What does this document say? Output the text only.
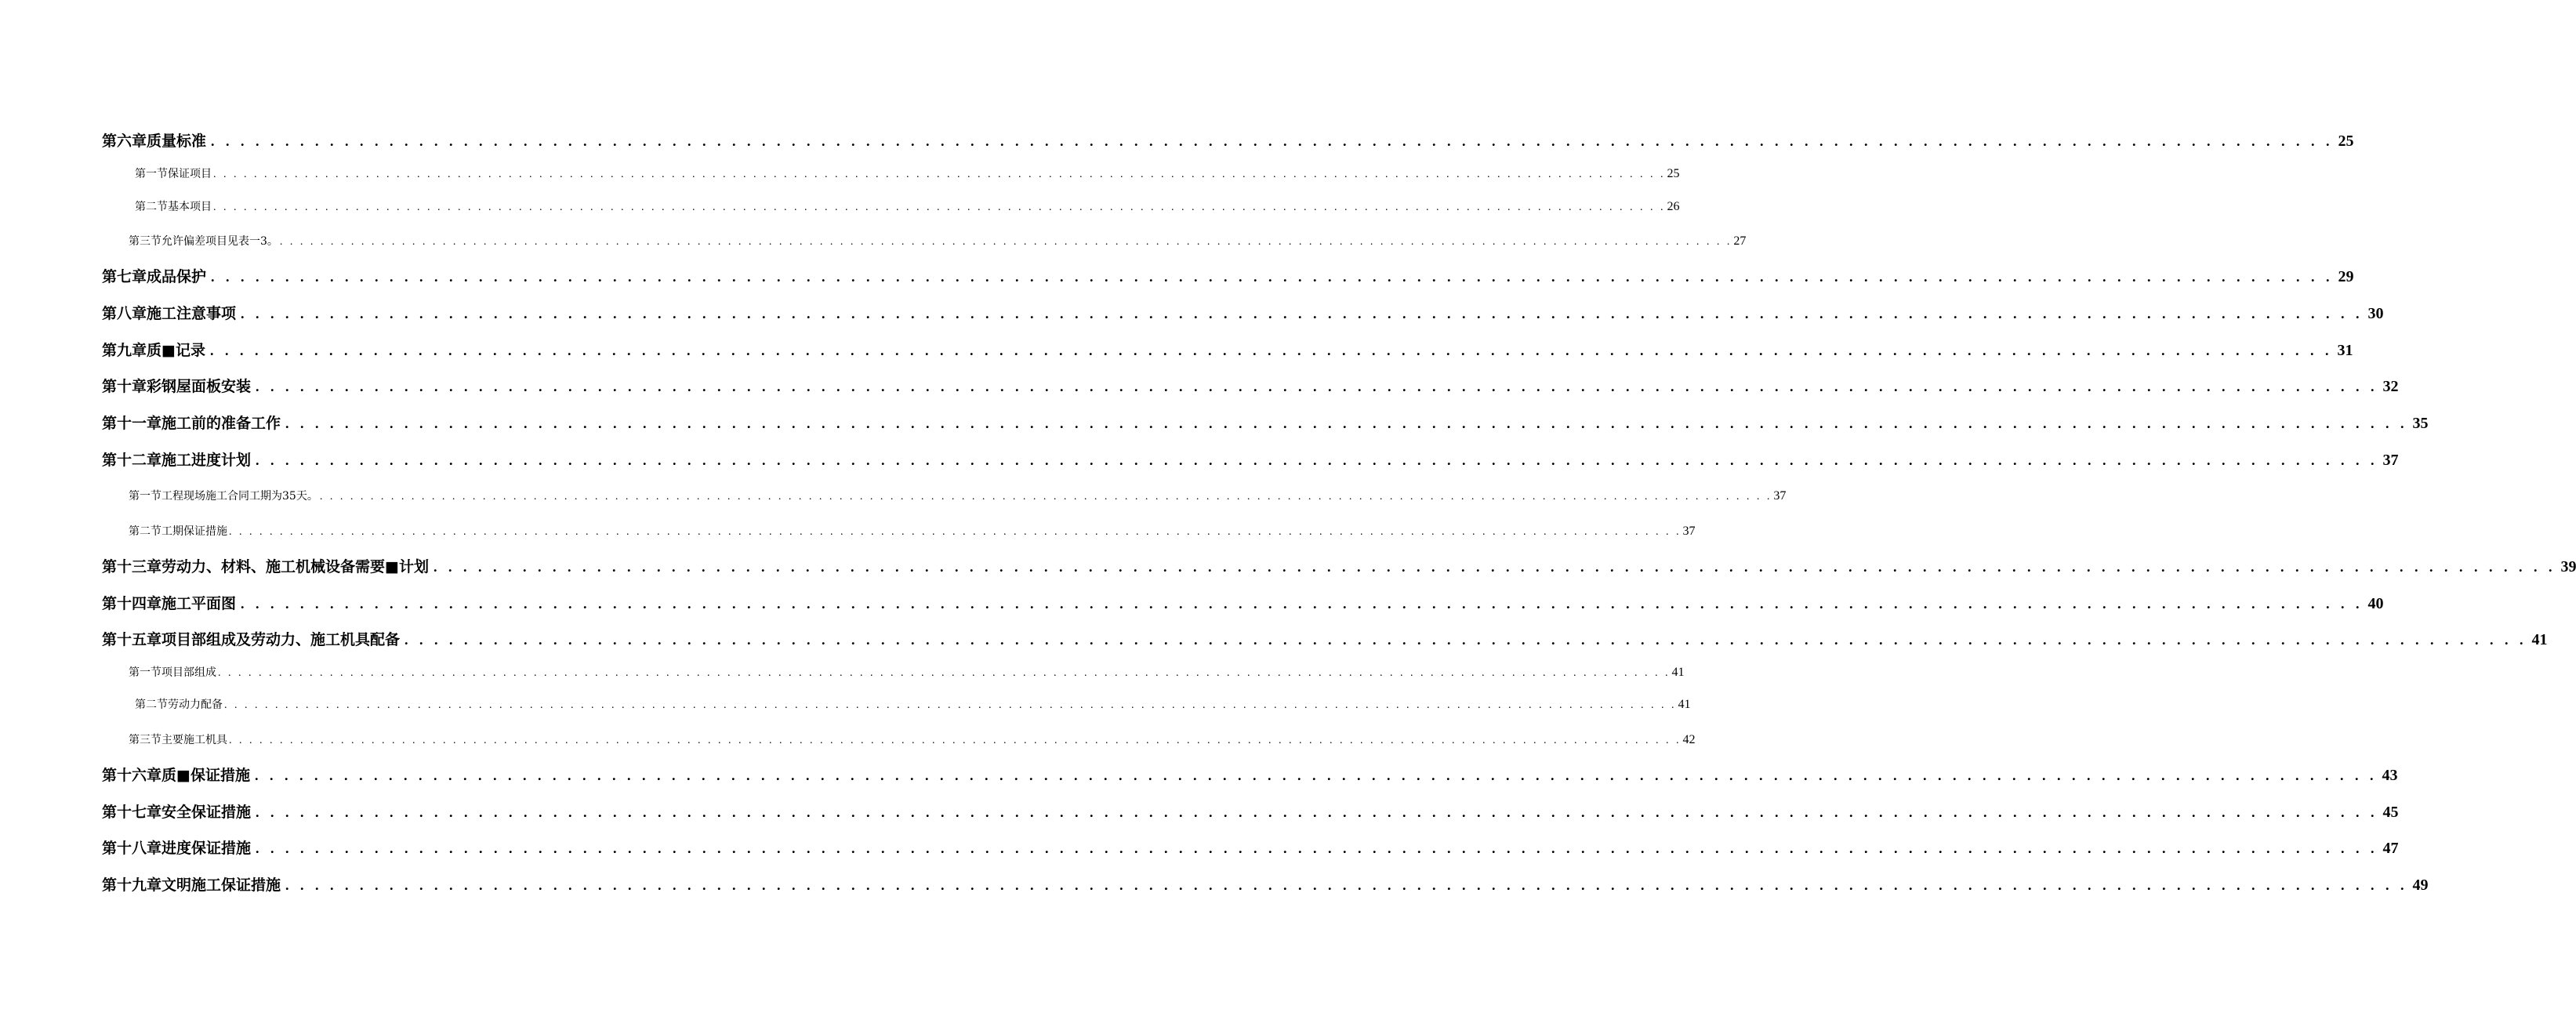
第六章质量标准 . . . . . . . . . . . . . . . . . . . . . . . . . . . . . . . . . . . . . . . . . . . . . . . . . . . . . . . . . . . . . . . . . . . . . . . . . . . . . . . . . . . . . . . . . . . . . . . . . . . . . . . . . . . . . . . . . . . . . . . . . . . . . . . . . . . . . . . . . . . . . . . 25
第一节保证项目 . . . . . . . . . . . . . . . . . . . . . . . . . . . . . . . . . . . . . . . . . . . . . . . . . . . . . . . . . . . . . . . . . . . . . . . . . . . . . . . . . . . . . . . . . . . . . . . . . . . . . . . . . . . . . . . . . . . . . . . . . . . . . . . . . . . . . . . . . . . . . . . 25
第二节基本项目 . . . . . . . . . . . . . . . . . . . . . . . . . . . . . . . . . . . . . . . . . . . . . . . . . . . . . . . . . . . . . . . . . . . . . . . . . . . . . . . . . . . . . . . . . . . . . . . . . . . . . . . . . . . . . . . . . . . . . . . . . . . . . . . . . . . . . . . . . . . . . . . 26
第三节允许偏差项目见表一3。 . . . . . . . . . . . . . . . . . . . . . . . . . . . . . . . . . . . . . . . . . . . . . . . . . . . . . . . . . . . . . . . . . . . . . . . . . . . . . . . . . . . . . . . . . . . . . . . . . . . . . . . . . . . . . . . . . . . . . . . . . . . . . . . . . . . . . . . . . . . . . . . 27
第七章成品保护 . . . . . . . . . . . . . . . . . . . . . . . . . . . . . . . . . . . . . . . . . . . . . . . . . . . . . . . . . . . . . . . . . . . . . . . . . . . . . . . . . . . . . . . . . . . . . . . . . . . . . . . . . . . . . . . . . . . . . . . . . . . . . . . . . . . . . . . . . . . . . . . 29
第八章施工注意事项 . . . . . . . . . . . . . . . . . . . . . . . . . . . . . . . . . . . . . . . . . . . . . . . . . . . . . . . . . . . . . . . . . . . . . . . . . . . . . . . . . . . . . . . . . . . . . . . . . . . . . . . . . . . . . . . . . . . . . . . . . . . . . . . . . . . . . . . . . . . . . . . 30
第九章质■记录 . . . . . . . . . . . . . . . . . . . . . . . . . . . . . . . . . . . . . . . . . . . . . . . . . . . . . . . . . . . . . . . . . . . . . . . . . . . . . . . . . . . . . . . . . . . . . . . . . . . . . . . . . . . . . . . . . . . . . . . . . . . . . . . . . . . . . . . . . . . . . . . 31
第十章彩钢屋面板安装 . . . . . . . . . . . . . . . . . . . . . . . . . . . . . . . . . . . . . . . . . . . . . . . . . . . . . . . . . . . . . . . . . . . . . . . . . . . . . . . . . . . . . . . . . . . . . . . . . . . . . . . . . . . . . . . . . . . . . . . . . . . . . . . . . . . . . . . . . . . . . . . 32
第十一章施工前的准备工作 . . . . . . . . . . . . . . . . . . . . . . . . . . . . . . . . . . . . . . . . . . . . . . . . . . . . . . . . . . . . . . . . . . . . . . . . . . . . . . . . . . . . . . . . . . . . . . . . . . . . . . . . . . . . . . . . . . . . . . . . . . . . . . . . . . . . . . . . . . . . . . . 35
第十二章施工进度计划 . . . . . . . . . . . . . . . . . . . . . . . . . . . . . . . . . . . . . . . . . . . . . . . . . . . . . . . . . . . . . . . . . . . . . . . . . . . . . . . . . . . . . . . . . . . . . . . . . . . . . . . . . . . . . . . . . . . . . . . . . . . . . . . . . . . . . . . . . . . . . . . 37
第一节工程现场施工合同工期为35天。 . . . . . . . . . . . . . . . . . . . . . . . . . . . . . . . . . . . . . . . . . . . . . . . . . . . . . . . . . . . . . . . . . . . . . . . . . . . . . . . . . . . . . . . . . . . . . . . . . . . . . . . . . . . . . . . . . . . . . . . . . . . . . . . . . . . . . . . . . . . . . . . 37
第二节工期保证措施 . . . . . . . . . . . . . . . . . . . . . . . . . . . . . . . . . . . . . . . . . . . . . . . . . . . . . . . . . . . . . . . . . . . . . . . . . . . . . . . . . . . . . . . . . . . . . . . . . . . . . . . . . . . . . . . . . . . . . . . . . . . . . . . . . . . . . . . . . . . . . . . 37
第十三章劳动力、材料、施工机械设备需要■计划 . . . . . . . . . . . . . . . . . . . . . . . . . . . . . . . . . . . . . . . . . . . . . . . . . . . . . . . . . . . . . . . . . . . . . . . . . . . . . . . . . . . . . . . . . . . . . . . . . . . . . . . . . . . . . . . . . . . . . . . . . . . . . . . . . . . . . . . . . . . . . . . 39
第十四章施工平面图 . . . . . . . . . . . . . . . . . . . . . . . . . . . . . . . . . . . . . . . . . . . . . . . . . . . . . . . . . . . . . . . . . . . . . . . . . . . . . . . . . . . . . . . . . . . . . . . . . . . . . . . . . . . . . . . . . . . . . . . . . . . . . . . . . . . . . . . . . . . . . . . 40
第十五章项目部组成及劳动力、施工机具配备 . . . . . . . . . . . . . . . . . . . . . . . . . . . . . . . . . . . . . . . . . . . . . . . . . . . . . . . . . . . . . . . . . . . . . . . . . . . . . . . . . . . . . . . . . . . . . . . . . . . . . . . . . . . . . . . . . . . . . . . . . . . . . . . . . . . . . . . . . . . . . . . 41
第一节项目部组成 . . . . . . . . . . . . . . . . . . . . . . . . . . . . . . . . . . . . . . . . . . . . . . . . . . . . . . . . . . . . . . . . . . . . . . . . . . . . . . . . . . . . . . . . . . . . . . . . . . . . . . . . . . . . . . . . . . . . . . . . . . . . . . . . . . . . . . . . . . . . . . . 41
第二节劳动力配备 . . . . . . . . . . . . . . . . . . . . . . . . . . . . . . . . . . . . . . . . . . . . . . . . . . . . . . . . . . . . . . . . . . . . . . . . . . . . . . . . . . . . . . . . . . . . . . . . . . . . . . . . . . . . . . . . . . . . . . . . . . . . . . . . . . . . . . . . . . . . . . . 41
第三节主要施工机具 . . . . . . . . . . . . . . . . . . . . . . . . . . . . . . . . . . . . . . . . . . . . . . . . . . . . . . . . . . . . . . . . . . . . . . . . . . . . . . . . . . . . . . . . . . . . . . . . . . . . . . . . . . . . . . . . . . . . . . . . . . . . . . . . . . . . . . . . . . . . . . . 42
第十六章质■保证措施 . . . . . . . . . . . . . . . . . . . . . . . . . . . . . . . . . . . . . . . . . . . . . . . . . . . . . . . . . . . . . . . . . . . . . . . . . . . . . . . . . . . . . . . . . . . . . . . . . . . . . . . . . . . . . . . . . . . . . . . . . . . . . . . . . . . . . . . . . . . . . . . 43
第十七章安全保证措施 . . . . . . . . . . . . . . . . . . . . . . . . . . . . . . . . . . . . . . . . . . . . . . . . . . . . . . . . . . . . . . . . . . . . . . . . . . . . . . . . . . . . . . . . . . . . . . . . . . . . . . . . . . . . . . . . . . . . . . . . . . . . . . . . . . . . . . . . . . . . . . . 45
第十八章进度保证措施 . . . . . . . . . . . . . . . . . . . . . . . . . . . . . . . . . . . . . . . . . . . . . . . . . . . . . . . . . . . . . . . . . . . . . . . . . . . . . . . . . . . . . . . . . . . . . . . . . . . . . . . . . . . . . . . . . . . . . . . . . . . . . . . . . . . . . . . . . . . . . . . 47
第十九章文明施工保证措施 . . . . . . . . . . . . . . . . . . . . . . . . . . . . . . . . . . . . . . . . . . . . . . . . . . . . . . . . . . . . . . . . . . . . . . . . . . . . . . . . . . . . . . . . . . . . . . . . . . . . . . . . . . . . . . . . . . . . . . . . . . . . . . . . . . . . . . . . . . . . . . . 49
